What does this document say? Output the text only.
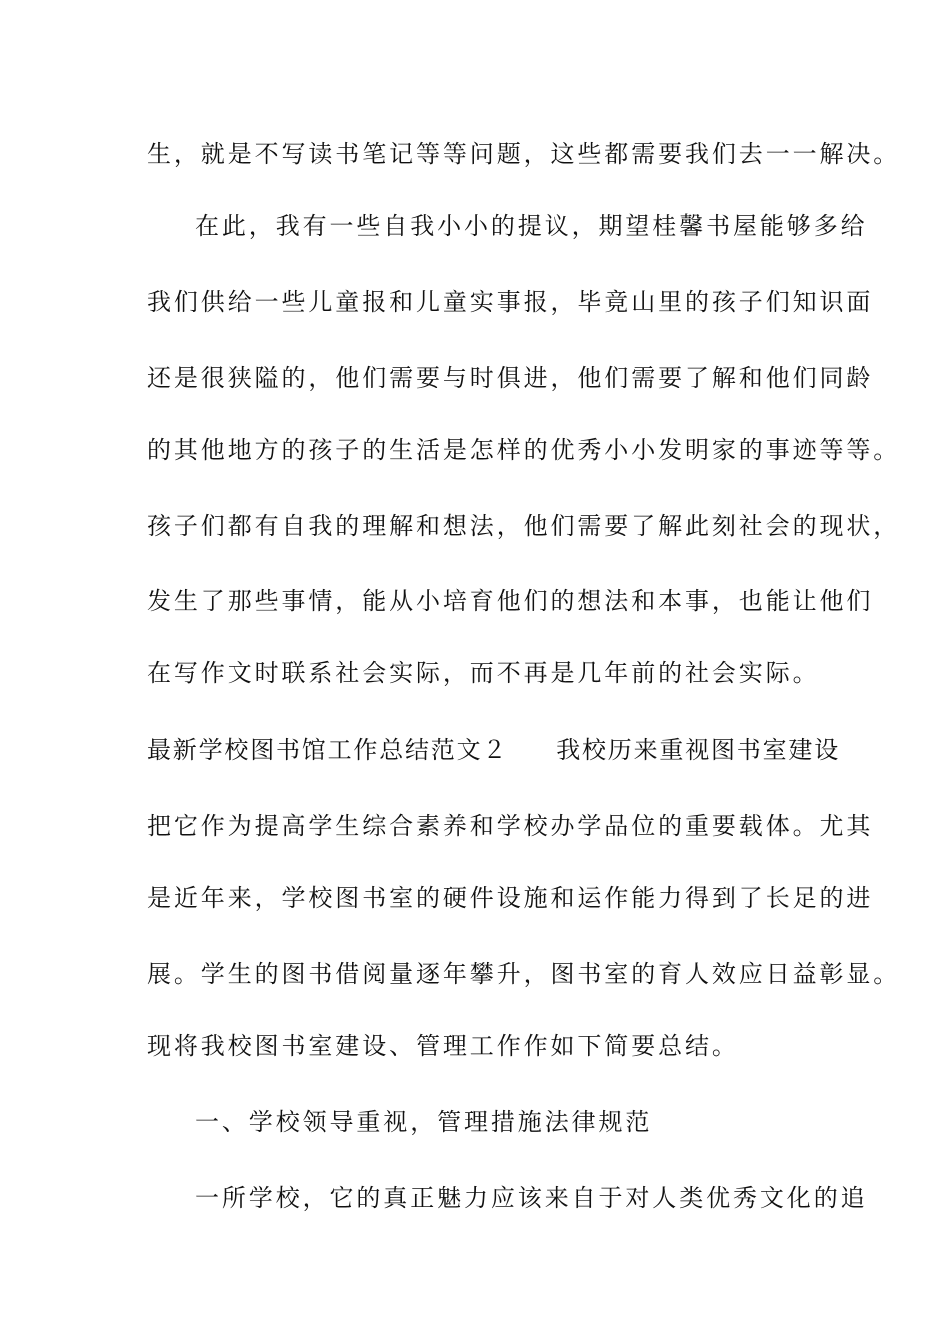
生，就是不写读书笔记等等问题，这些都需要我们去一一解决。
在此，我有一些自我小小的提议，期望桂馨书屋能够多给
我们供给一些儿童报和儿童实事报，毕竟山里的孩子们知识面
还是很狭隘的，他们需要与时俱进，他们需要了解和他们同龄
的其他地方的孩子的生活是怎样的优秀小小发明家的事迹等等。
孩子们都有自我的理解和想法，他们需要了解此刻社会的现状，
发生了那些事情，能从小培育他们的想法和本事，也能让他们
在写作文时联系社会实际，而不再是几年前的社会实际。
最新学校图书馆工作总结范文２ 我校历来重视图书室建设
把它作为提高学生综合素养和学校办学品位的重要载体。尤其
是近年来，学校图书室的硬件设施和运作能力得到了长足的进
展。学生的图书借阅量逐年攀升，图书室的育人效应日益彰显。
现将我校图书室建设、管理工作作如下简要总结。
一、学校领导重视，管理措施法律规范
一所学校，它的真正魅力应该来自于对人类优秀文化的追
